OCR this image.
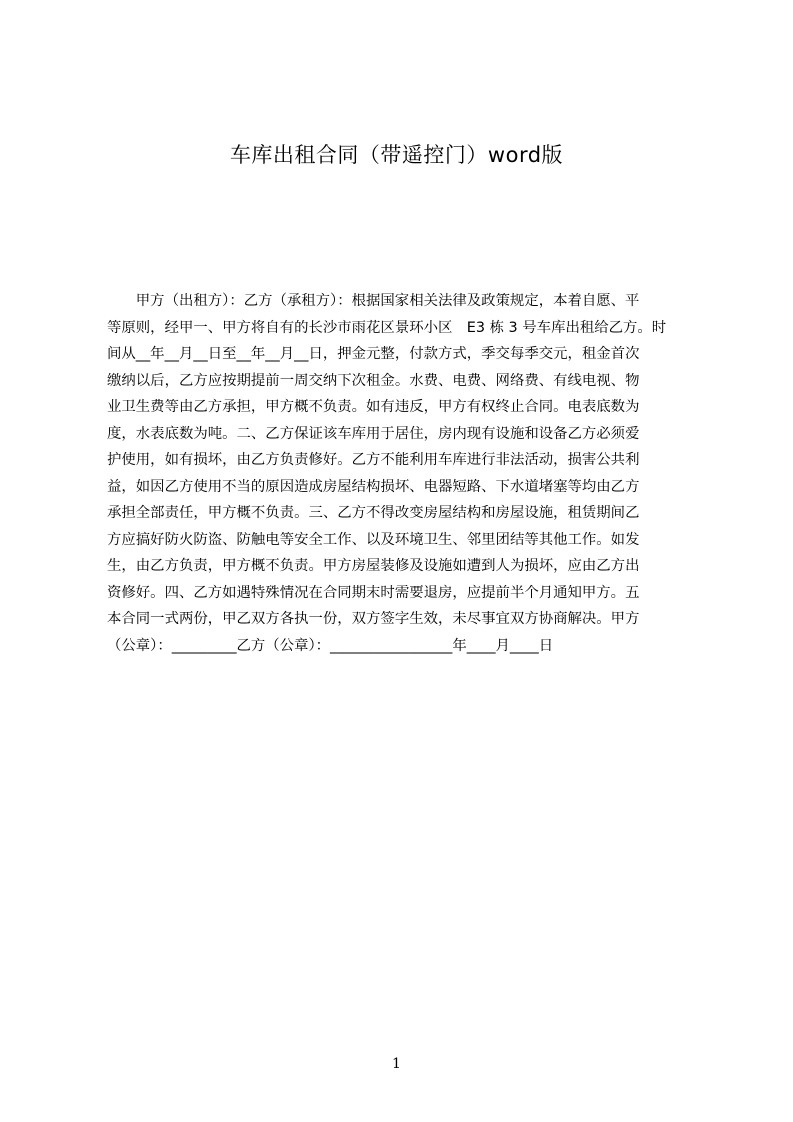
车库出租合同（带遥控门）word版
　　甲方（出租方）：乙方（承租方）：根据国家相关法律及政策规定，本着自愿、平
等原则，经甲一、甲方将自有的长沙市雨花区景环小区　E3 栋 3 号车库出租给乙方。时
间从__年__月__日至__年__月__日，押金元整，付款方式，季交每季交元，租金首次
缴纳以后，乙方应按期提前一周交纳下次租金。水费、电费、网络费、有线电视、物
业卫生费等由乙方承担，甲方概不负责。如有违反，甲方有权终止合同。电表底数为
度，水表底数为吨。二、乙方保证该车库用于居住，房内现有设施和设备乙方必须爱
护使用，如有损坏，由乙方负责修好。乙方不能利用车库进行非法活动，损害公共利
益，如因乙方使用不当的原因造成房屋结构损坏、电器短路、下水道堵塞等均由乙方
承担全部责任，甲方概不负责。三、乙方不得改变房屋结构和房屋设施，租赁期间乙
方应搞好防火防盗、防触电等安全工作、以及环境卫生、邻里团结等其他工作。如发
生，由乙方负责，甲方概不负责。甲方房屋装修及设施如遭到人为损坏，应由乙方出
资修好。四、乙方如遇特殊情况在合同期末时需要退房，应提前半个月通知甲方。五
本合同一式两份，甲乙双方各执一份，双方签字生效，未尽事宜双方协商解决。甲方
（公章）：_________乙方（公章）：_________________年____月____日
1
